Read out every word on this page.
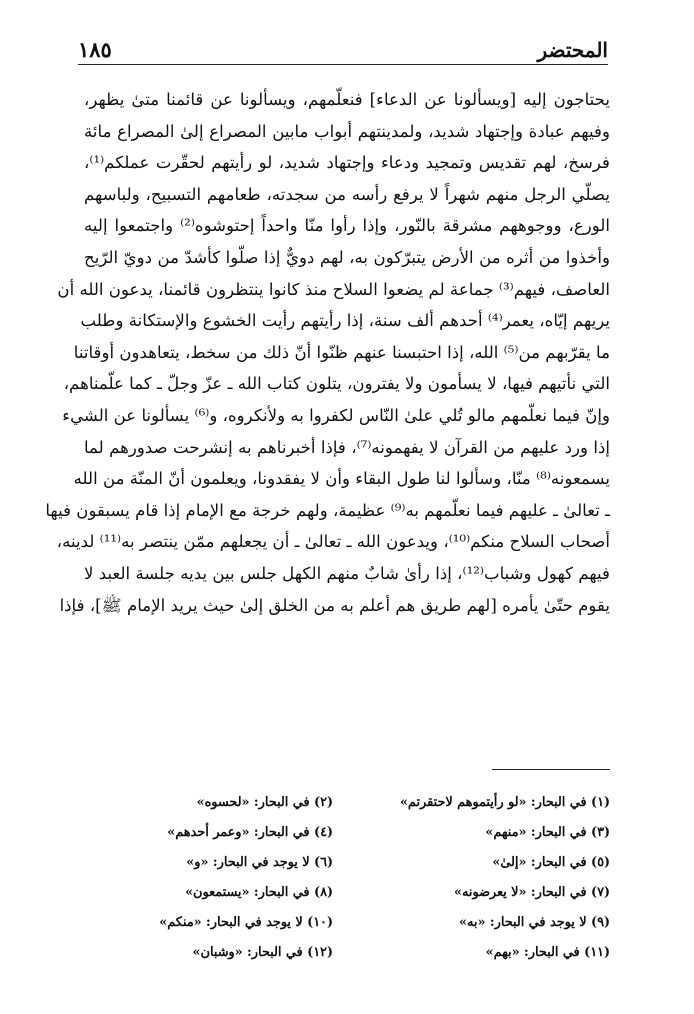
المحتضر
١٨٥
يحتاجون إليه [ويسألونا عن الدعاء] فنعلّمهم، ويسألونا عن قائمنا متىٰ يظهر،
وفيهم عبادة وإجتهاد شديد، ولمدينتهم أبواب مابين المصراع إلىٰ المصراع مائة
فرسخ، لهم تقديس وتمجيد ودعاء وإجتهاد شديد، لو رأيتهم لحقّرت عملكم⁽¹⁾،
يصلّي الرجل منهم شهراً لا يرفع رأسه من سجدته، طعامهم التسبيح، ولباسهم
الورع، ووجوههم مشرقة بالنّور، وإذا رأوا منّا واحداً إحتوشوه⁽²⁾ واجتمعوا إليه
وأخذوا من أثره من الأرض يتبرّكون به، لهم دويٌّ إذا صلّوا كأشدّ من دويّ الرّيح
العاصف، فيهم⁽³⁾ جماعة لم يضعوا السلاح منذ كانوا ينتظرون قائمنا، يدعون الله أن
يريهم إيّاه، يعمر⁽⁴⁾ أحدهم ألف سنة، إذا رأيتهم رأيت الخشوع والإستكانة وطلب
ما يقرّبهم من⁽⁵⁾ الله، إذا احتبسنا عنهم ظنّوا أنّ ذلك من سخط، يتعاهدون أوقاتنا
التي نأتيهم فيها، لا يسأمون ولا يفترون، يتلون كتاب الله ـ عزّ وجلّ ـ كما علّمناهم،
وإنّ فيما نعلّمهم مالو تُلي علىٰ النّاس لكفروا به ولأنكروه، و⁽⁶⁾ يسألونا عن الشيء
إذا ورد عليهم من القرآن لا يفهمونه⁽⁷⁾، فإذا أخبرناهم به إنشرحت صدورهم لما
يسمعونه⁽⁸⁾ منّا، وسألوا لنا طول البقاء وأن لا يفقدونا، ويعلمون أنّ المنّة من الله
ـ تعالىٰ ـ عليهم فيما نعلّمهم به⁽⁹⁾ عظيمة، ولهم خرجة مع الإمام إذا قام يسبقون فيها
أصحاب السلاح منكم⁽¹⁰⁾، ويدعون الله ـ تعالىٰ ـ أن يجعلهم ممّن ينتصر به⁽¹¹⁾ لدينه،
فيهم كهول وشباب⁽¹²⁾، إذا رأىٰ شابٌ منهم الكهل جلس بين يديه جلسة العبد لا
يقوم حتّىٰ يأمره [لهم طريق هم أعلم به من الخلق إلىٰ حيث يريد الإمام ﷺ]، فإذا
(١) في البحار: «لو رأيتموهم لاحتقرتم»
(٢) في البحار: «لحسوه»
(٣) في البحار: «منهم»
(٤) في البحار: «وعمر أحدهم»
(٥) في البحار: «إلىٰ»
(٦) لا يوجد في البحار: «و»
(٧) في البحار: «لا يعرضونه»
(٨) في البحار: «يستمعون»
(٩) لا يوجد في البحار: «به»
(١٠) لا يوجد في البحار: «منكم»
(١١) في البحار: «بهم»
(١٢) في البحار: «وشبان»
